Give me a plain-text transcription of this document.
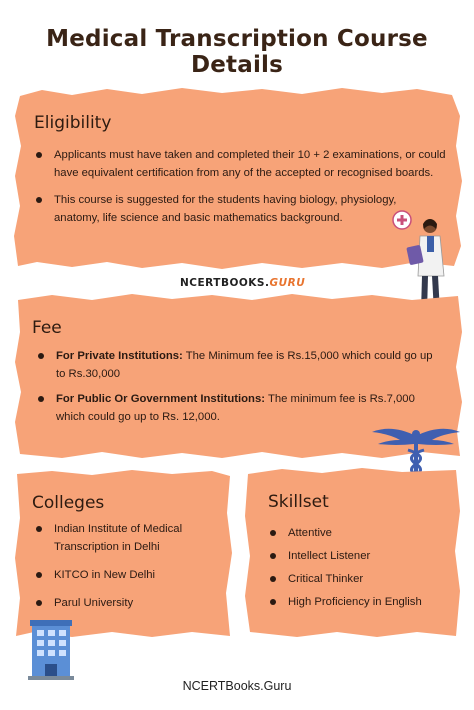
Medical Transcription Course Details
Eligibility
Applicants must have taken and completed their 10 + 2 examinations, or could have equivalent certification from any of the accepted or recognised boards.
This course is suggested for the students having biology, physiology, anatomy, life science and basic mathematics background.
NCERTBOOKS.GURU
Fee
For Private Institutions: The Minimum fee is Rs.15,000 which could go up to Rs.30,000
For Public Or Government Institutions: The minimum fee is Rs.7,000 which could go up to Rs. 12,000.
Colleges
Indian Institute of Medical Transcription in Delhi
KITCO in New Delhi
Parul University
Skillset
Attentive
Intellect Listener
Critical Thinker
High Proficiency in English
NCERTBooks.Guru
